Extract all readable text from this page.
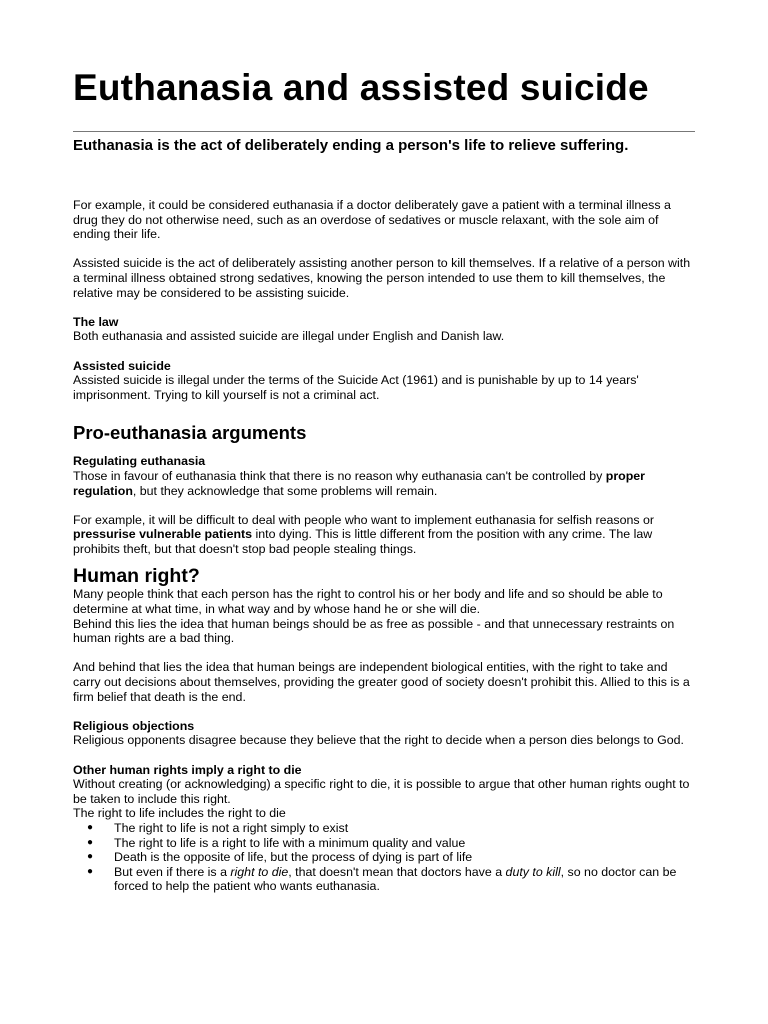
Euthanasia and assisted suicide

Euthanasia is the act of deliberately ending a person's life to relieve suffering.

For example, it could be considered euthanasia if a doctor deliberately gave a patient with a terminal illness a drug they do not otherwise need, such as an overdose of sedatives or muscle relaxant, with the sole aim of ending their life.

Assisted suicide is the act of deliberately assisting another person to kill themselves. If a relative of a person with a terminal illness obtained strong sedatives, knowing the person intended to use them to kill themselves, the relative may be considered to be assisting suicide.

The law

Both euthanasia and assisted suicide are illegal under English and Danish law.

Assisted suicide

Assisted suicide is illegal under the terms of the Suicide Act (1961) and is punishable by up to 14 years' imprisonment. Trying to kill yourself is not a criminal act.

Pro-euthanasia arguments

Regulating euthanasia

Those in favour of euthanasia think that there is no reason why euthanasia can't be controlled by proper regulation, but they acknowledge that some problems will remain.

For example, it will be difficult to deal with people who want to implement euthanasia for selfish reasons or pressurise vulnerable patients into dying. This is little different from the position with any crime. The law prohibits theft, but that doesn't stop bad people stealing things.

Human right?

Many people think that each person has the right to control his or her body and life and so should be able to determine at what time, in what way and by whose hand he or she will die.

Behind this lies the idea that human beings should be as free as possible - and that unnecessary restraints on human rights are a bad thing.

And behind that lies the idea that human beings are independent biological entities, with the right to take and carry out decisions about themselves, providing the greater good of society doesn't prohibit this. Allied to this is a firm belief that death is the end.

Religious objections

Religious opponents disagree because they believe that the right to decide when a person dies belongs to God.

Other human rights imply a right to die

Without creating (or acknowledging) a specific right to die, it is possible to argue that other human rights ought to be taken to include this right.

The right to life includes the right to die

● The right to life is not a right simply to exist
● The right to life is a right to life with a minimum quality and value
● Death is the opposite of life, but the process of dying is part of life
● But even if there is a right to die, that doesn't mean that doctors have a duty to kill, so no doctor can be forced to help the patient who wants euthanasia.
